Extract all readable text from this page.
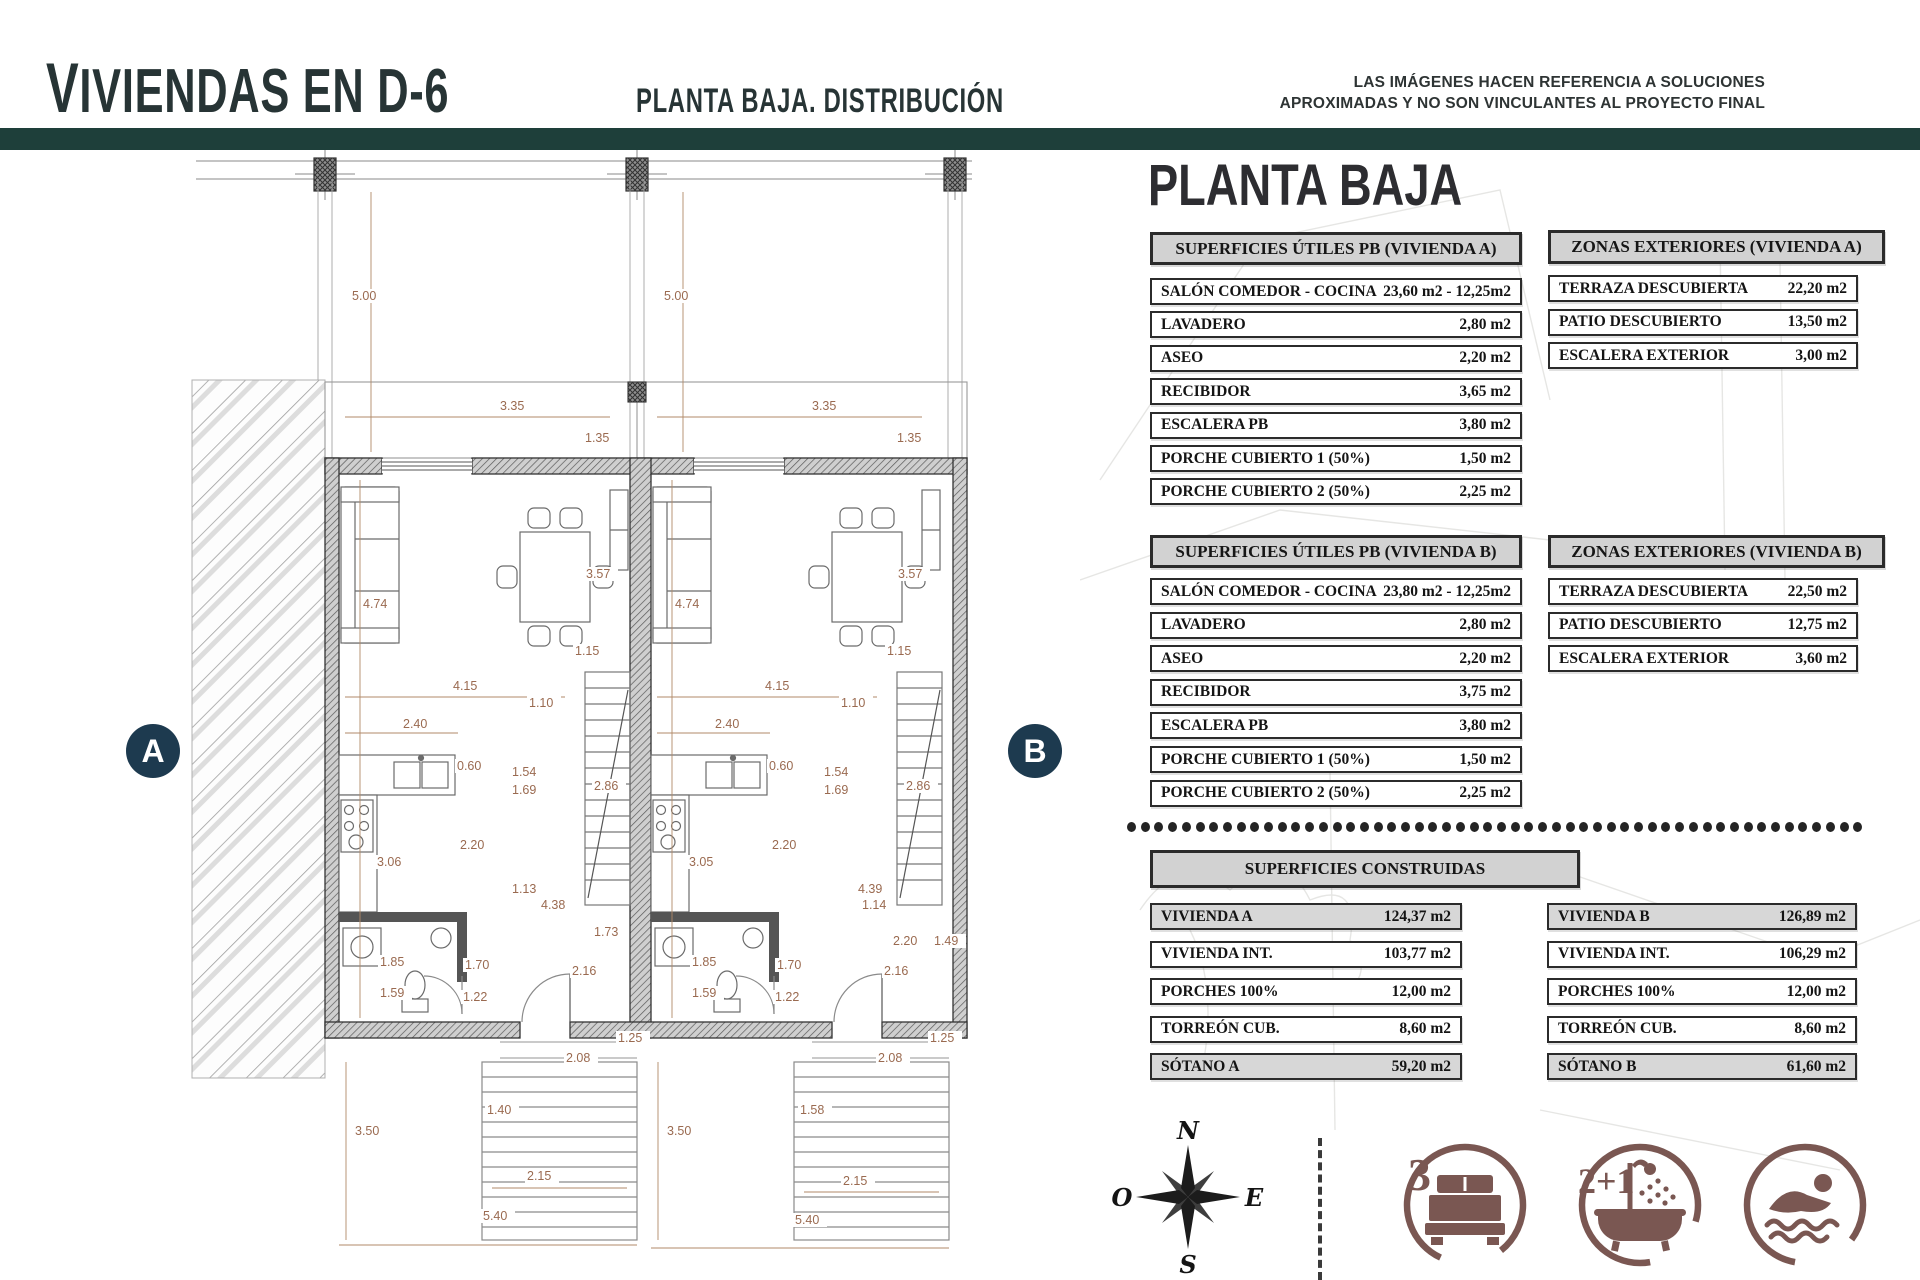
VIVIENDAS EN D-6	PLANTA BAJA. DISTRIBUCIÓN	LAS IMÁGENES HACEN REFERENCIA A SOLUCIONES
APROXIMADAS Y NO SON VINCULANTES AL PROYECTO FINAL
5.00	5.00
3.35	3.35
1.35	1.35
4.74	4.74
3.57	3.57
1.15	1.15
4.15	4.15
1.10	1.10
2.40	2.40
0.60	0.60
1.54	1.54
1.69	1.69
2.86	2.86
2.20	2.20
3.06	3.05
1.13	4.39
4.38	1.14
1.73
2.20 1.49
1.85	1.85
1.70	1.70
1.59	1.59
1.22	1.22
2.16	2.16
1.25	1.25
2.08	2.08
1.40	1.58
3.50	3.50
2.15	2.15
5.40	5.40
A	B
PLANTA BAJA
SUPERFICIES ÚTILES PB (VIVIENDA A)
SALÓN COMEDOR - COCINA 23,60 m2 - 12,25m2
LAVADERO	2,80 m2
ASEO	2,20 m2
RECIBIDOR	3,65 m2
ESCALERA PB	3,80 m2
PORCHE CUBIERTO 1 (50%)	1,50 m2
PORCHE CUBIERTO 2 (50%)	2,25 m2
ZONAS EXTERIORES (VIVIENDA A)
TERRAZA DESCUBIERTA	22,20 m2
PATIO DESCUBIERTO	13,50 m2
ESCALERA EXTERIOR	3,00 m2
SUPERFICIES ÚTILES PB (VIVIENDA B)
SALÓN COMEDOR - COCINA 23,80 m2 - 12,25m2
LAVADERO	2,80 m2
ASEO	2,20 m2
RECIBIDOR	3,75 m2
ESCALERA PB	3,80 m2
PORCHE CUBIERTO 1 (50%)	1,50 m2
PORCHE CUBIERTO 2 (50%)	2,25 m2
ZONAS EXTERIORES (VIVIENDA B)
TERRAZA DESCUBIERTA	22,50 m2
PATIO DESCUBIERTO	12,75 m2
ESCALERA EXTERIOR	3,60 m2
SUPERFICIES CONSTRUIDAS
VIVIENDA A	124,37 m2
VIVIENDA INT.	103,77 m2
PORCHES 100%	12,00 m2
TORREÓN CUB.	8,60 m2
SÓTANO A	59,20 m2
VIVIENDA B	126,89 m2
VIVIENDA INT.	106,29 m2
PORCHES 100%	12,00 m2
TORREÓN CUB.	8,60 m2
SÓTANO B	61,60 m2
N
E
S
O	3	2+1
